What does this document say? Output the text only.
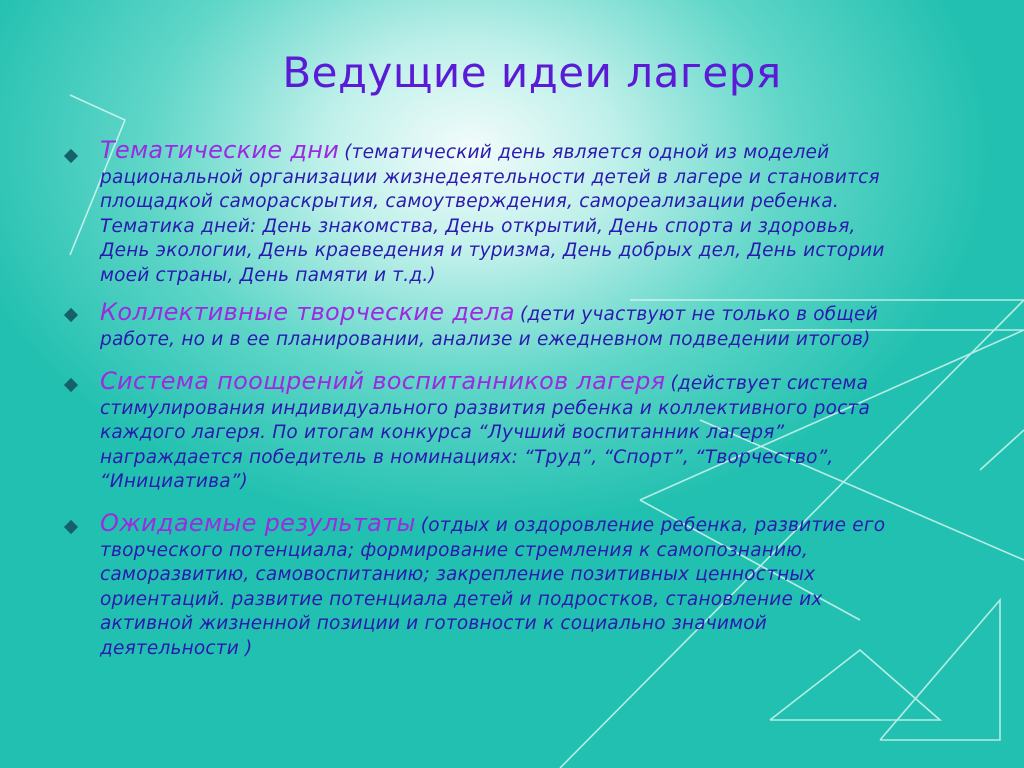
Ведущие идеи лагеря

Тематические дни (тематический день является одной из моделей

рациональной организации жизнедеятельности детей в лагере и становится

площадкой самораскрытия, самоутверждения, самореализации ребенка.

Тематика дней: День знакомства, День открытий, День спорта и здоровья,

День экологии, День краеведения и туризма, День добрых дел, День истории

моей страны, День памяти и т.д.)

Коллективные творческие дела (дети участвуют не только в общей

работе, но и в ее планировании, анализе и ежедневном подведении итогов)

Система поощрений воспитанников лагеря (действует система

стимулирования индивидуального развития ребенка и коллективного роста

каждого лагеря. По итогам конкурса “Лучший воспитанник лагеря”

награждается победитель в номинациях: “Труд”, “Спорт”, “Творчество”,

“Инициатива”)

Ожидаемые результаты (отдых и оздоровление ребенка, развитие его

творческого потенциала; формирование стремления к самопознанию,

саморазвитию, самовоспитанию; закрепление позитивных ценностных

ориентаций. развитие потенциала детей и подростков, становление их

активной жизненной позиции и готовности к социально значимой

деятельности )
